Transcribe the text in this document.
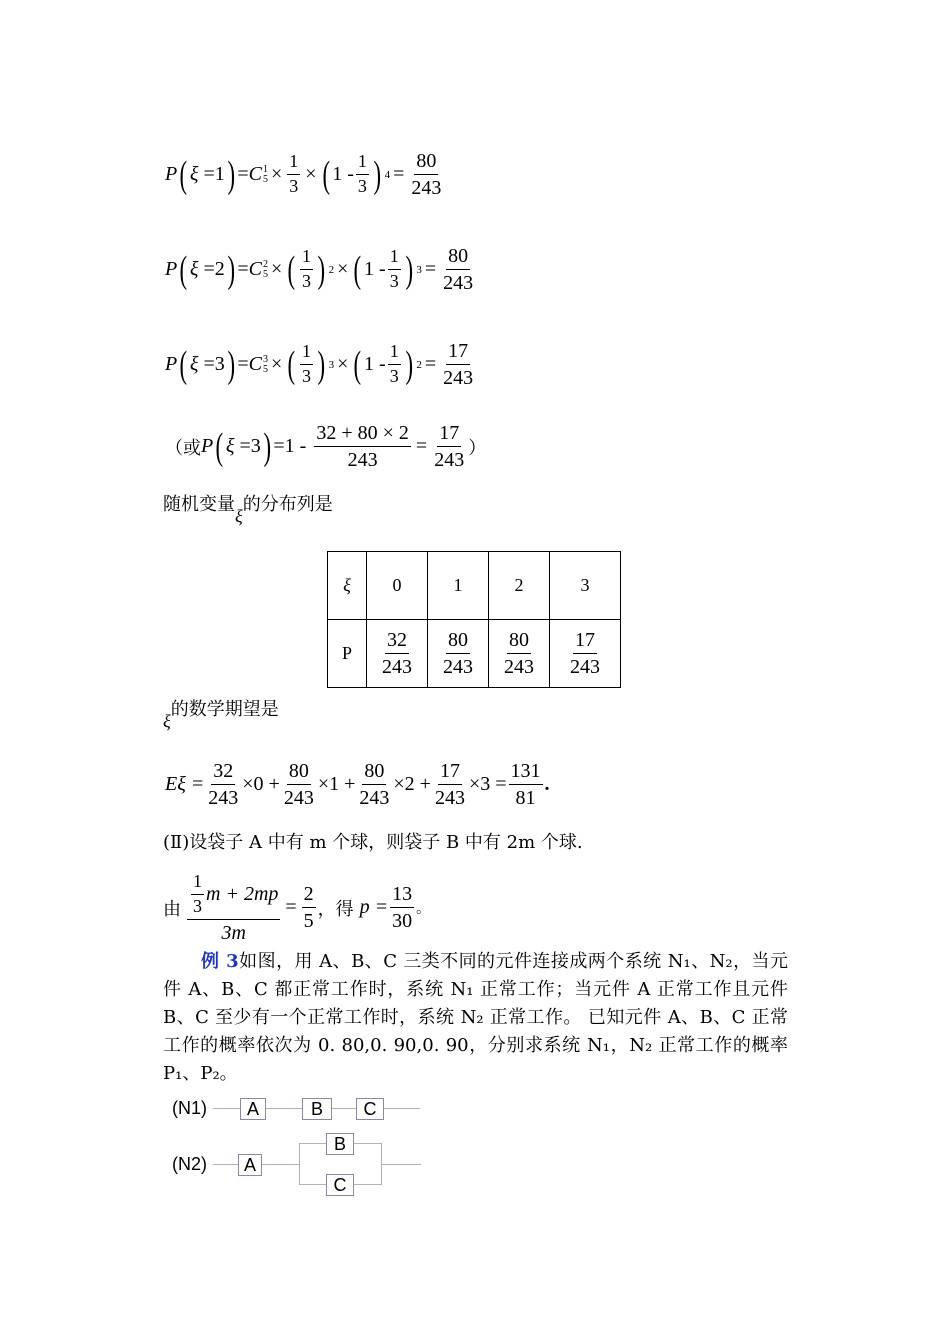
P ( ξ = 1 ) = C 1
$5 \times \frac{1}{3}$ × ( $1 - \frac{1}{3}$ ) $4 = \frac{80}{243}$
P ( ξ = 2 ) = C 2
5 × ( $\frac{1}{3}$ ) 2 × ( $1 - \frac{1}{3}$ ) $3 = \frac{80}{243}$
P ( ξ = 3 ) = C 3
5 × ( $\frac{1}{3}$ ) 3 × ( $1 - \frac{1}{3}$ ) $2 = \frac{17}{243}$
（或 P ( ξ = 3 ) $=1 - \frac{32 + 80 \times 2}{243} = \frac{17}{243}$ ）
随机变量ξ的分布列是
ξ	0	1	2	3
P	$\frac{32}{243}$	$\frac{80}{243}$	$\frac{80}{243}$	$\frac{17}{243}$
ξ的数学期望是
$E\xi = \frac{32}{243} \times 0 + \frac{80}{243} \times 1 + \frac{80}{243} \times 2 + \frac{17}{243} \times 3 = \frac{131}{81}$ .
(Ⅱ)设袋子 A 中有 m 个球，则袋子 B 中有 2m 个球.
由 $\frac{\frac{1}{3} m + 2mp}{3m} = \frac{2}{5}$ ，得 $p = \frac{13}{30}$ 。
例 3如图，用 A、B、C 三类不同的元件连接成两个系统 N₁、N₂，当元件 A、B、C 都正常工作时，系统 N₁ 正常工作；当元件 A 正常工作且元件 B、C 至少有一个正常工作时，系统 N₂ 正常工作。 已知元件 A、B、C 正常工作的概率依次为 0. 80,0. 90,0. 90，分别求系统 N₁，N₂ 正常工作的概率 P₁、P₂。
(N1)	A	B	C
(N2)	A
B
C
